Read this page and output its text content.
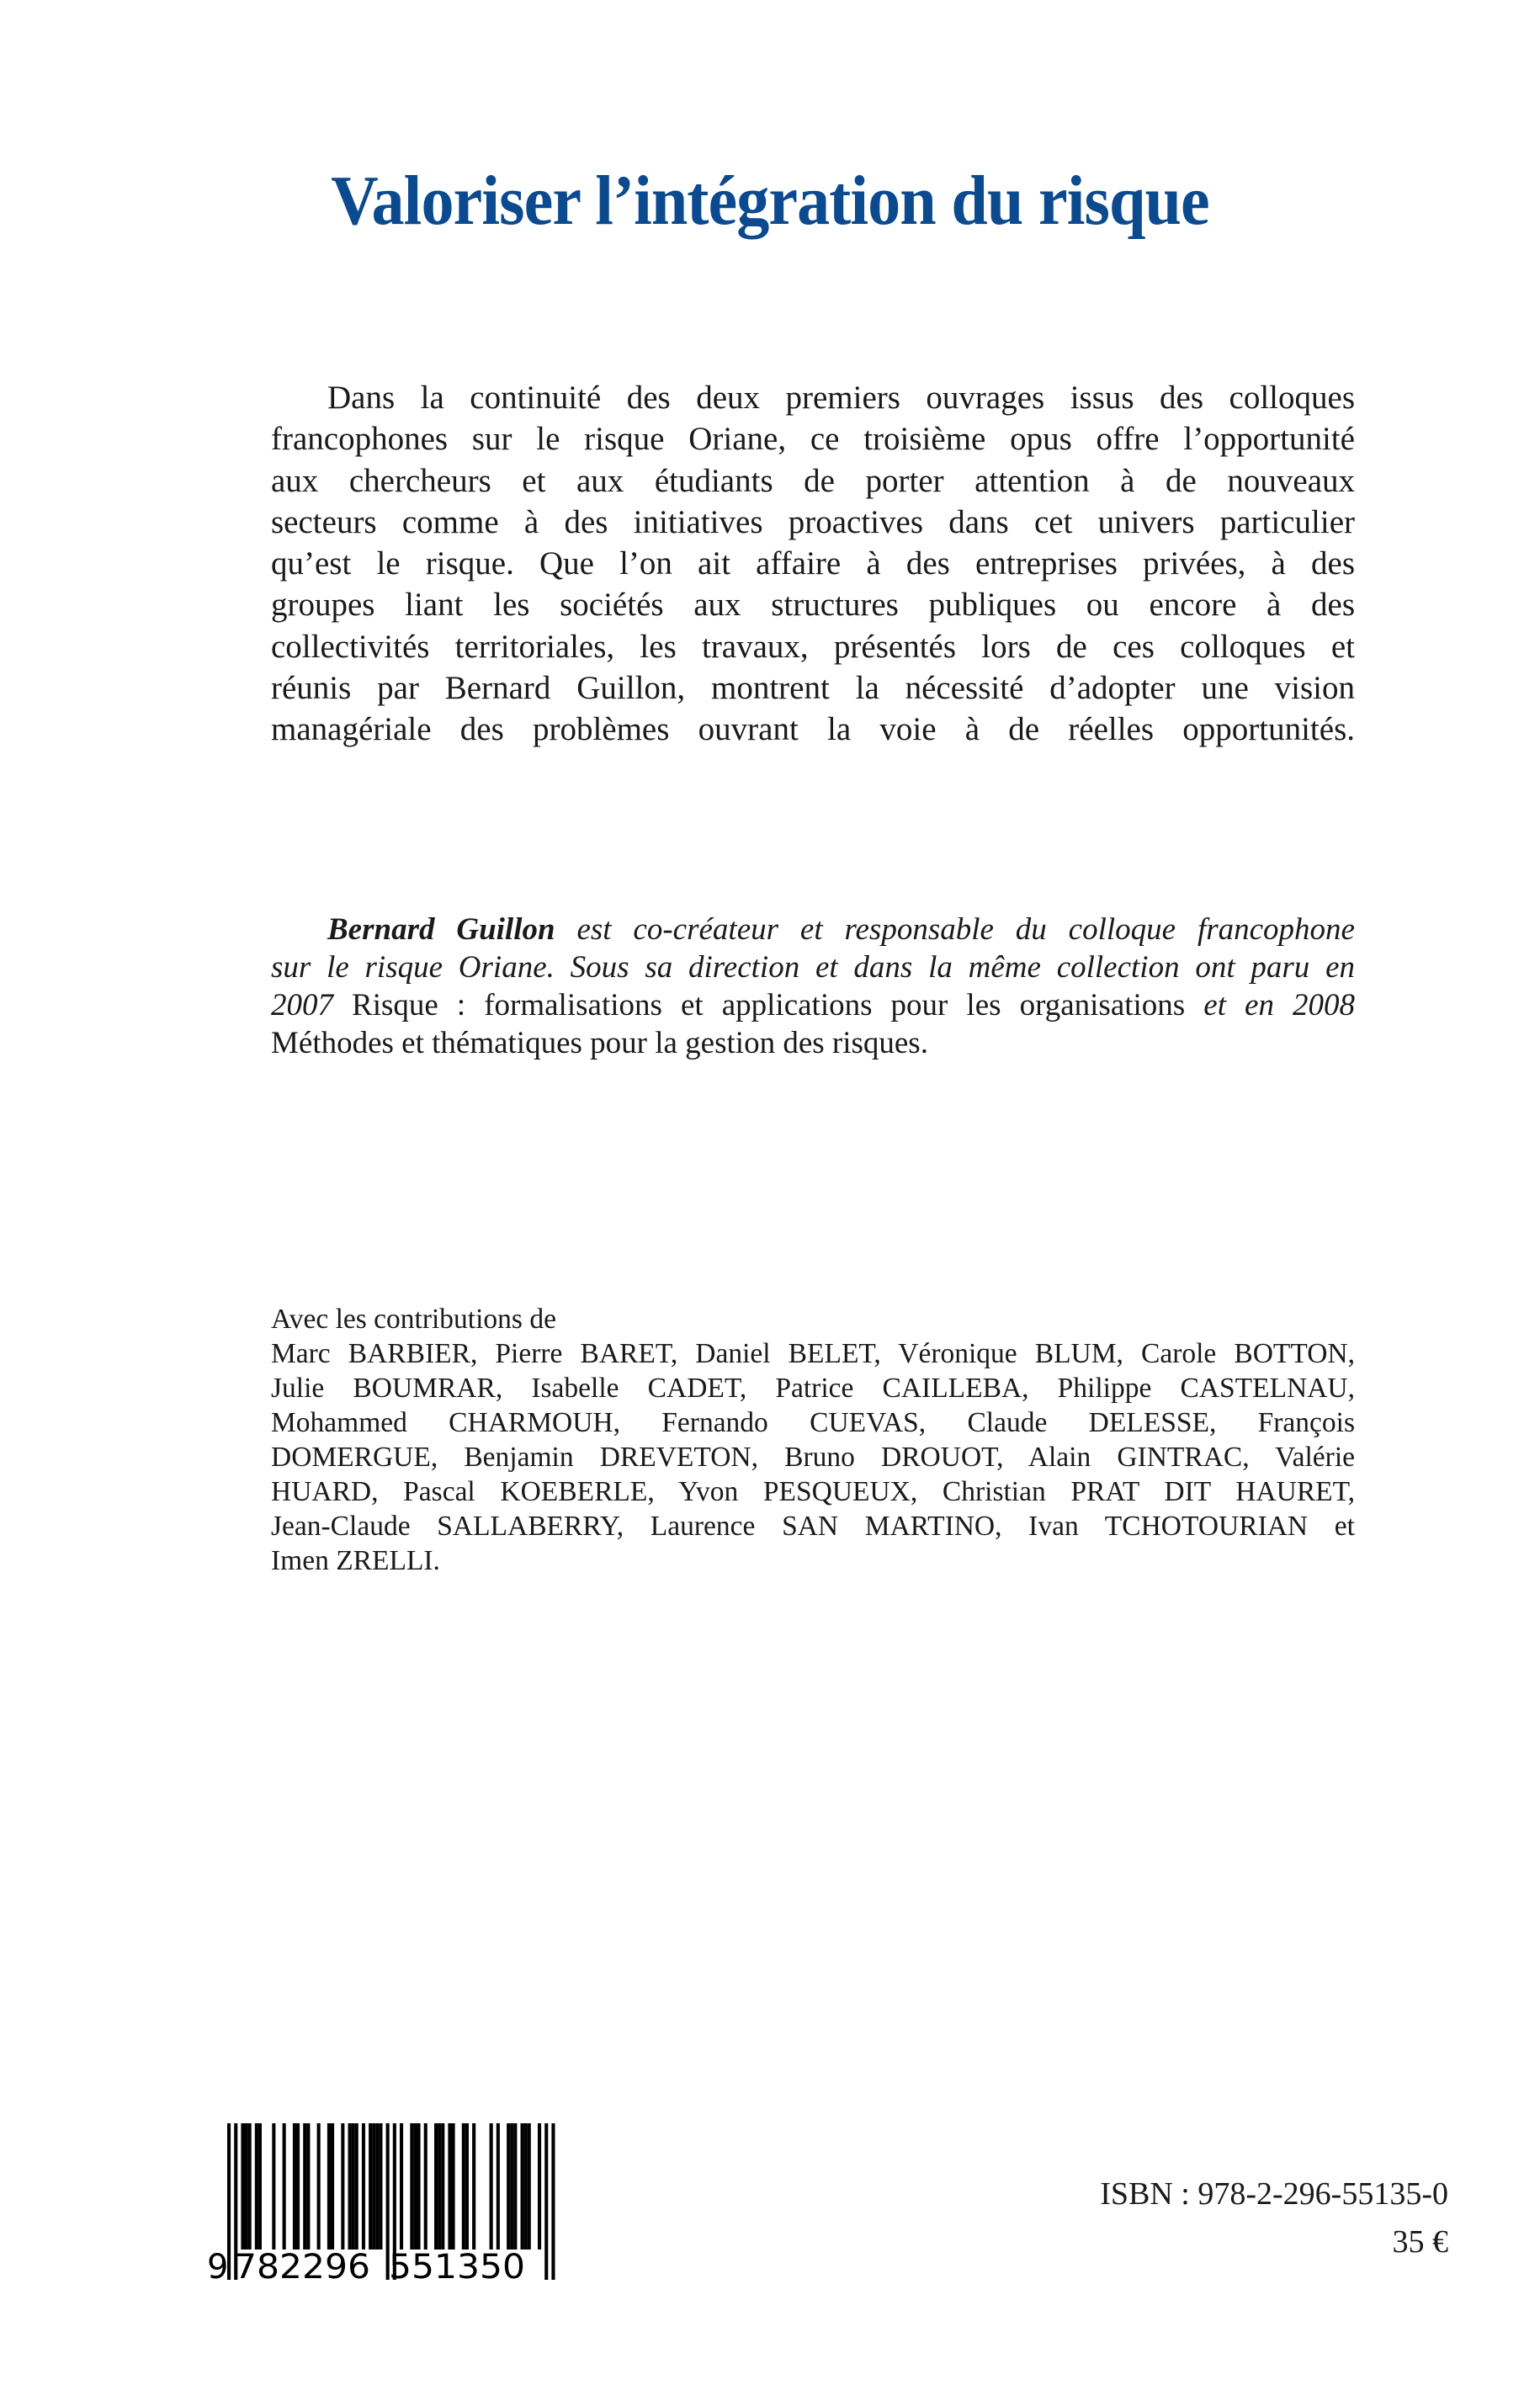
Valoriser l’intégration du risque
Dans la continuité des deux premiers ouvrages issus des colloques
francophones sur le risque Oriane, ce troisième opus offre l’opportunité
aux chercheurs et aux étudiants de porter attention à de nouveaux
secteurs comme à des initiatives proactives dans cet univers particulier
qu’est le risque. Que l’on ait affaire à des entreprises privées, à des
groupes liant les sociétés aux structures publiques ou encore à des
collectivités territoriales, les travaux, présentés lors de ces colloques et
réunis par Bernard Guillon, montrent la nécessité d’adopter une vision
managériale des problèmes ouvrant la voie à de réelles opportunités.
Bernard Guillon est co-créateur et responsable du colloque francophone
sur le risque Oriane. Sous sa direction et dans la même collection ont paru en
2007 Risque : formalisations et applications pour les organisations et en 2008
Méthodes et thématiques pour la gestion des risques.
Avec les contributions de
Marc BARBIER, Pierre BARET, Daniel BELET, Véronique BLUM, Carole BOTTON,
Julie BOUMRAR, Isabelle CADET, Patrice CAILLEBA, Philippe CASTELNAU,
Mohammed CHARMOUH, Fernando CUEVAS, Claude DELESSE, François
DOMERGUE, Benjamin DREVETON, Bruno DROUOT, Alain GINTRAC, Valérie
HUARD, Pascal KOEBERLE, Yvon PESQUEUX, Christian PRAT DIT HAURET,
Jean-Claude SALLABERRY, Laurence SAN MARTINO, Ivan TCHOTOURIAN et
Imen ZRELLI.
9 782296 551350
ISBN : 978-2-296-55135-0
35 €
